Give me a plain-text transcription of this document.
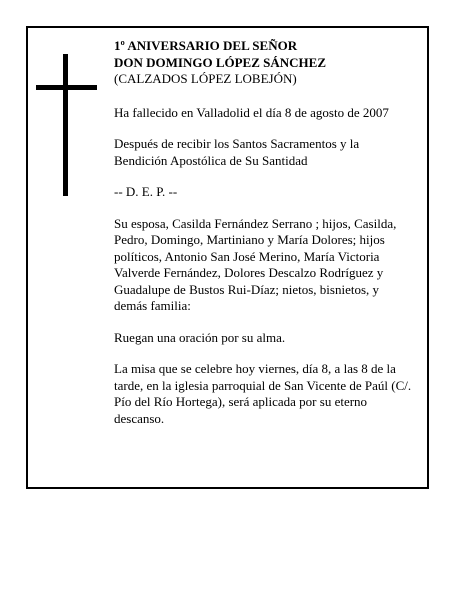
1º ANIVERSARIO DEL SEÑOR

DON DOMINGO LÓPEZ SÁNCHEZ

(CALZADOS LÓPEZ LOBEJÓN)

Ha fallecido en Valladolid el día 8 de agosto de 2007

Después de recibir los Santos Sacramentos y la Bendición Apostólica de Su Santidad

-- D. E. P. --

Su esposa, Casilda Fernández Serrano ; hijos, Casilda, Pedro, Domingo, Martiniano y María Dolores; hijos políticos, Antonio San José Merino, María Victoria Valverde Fernández, Dolores Descalzo Rodríguez y Guadalupe de Bustos Rui-Díaz; nietos, bisnietos, y demás familia:

Ruegan una oración por su alma.

La misa que se celebre hoy viernes, día 8, a las 8 de la tarde, en la iglesia parroquial de San Vicente de Paúl (C/. Pío del Río Hortega), será aplicada por su eterno descanso.
